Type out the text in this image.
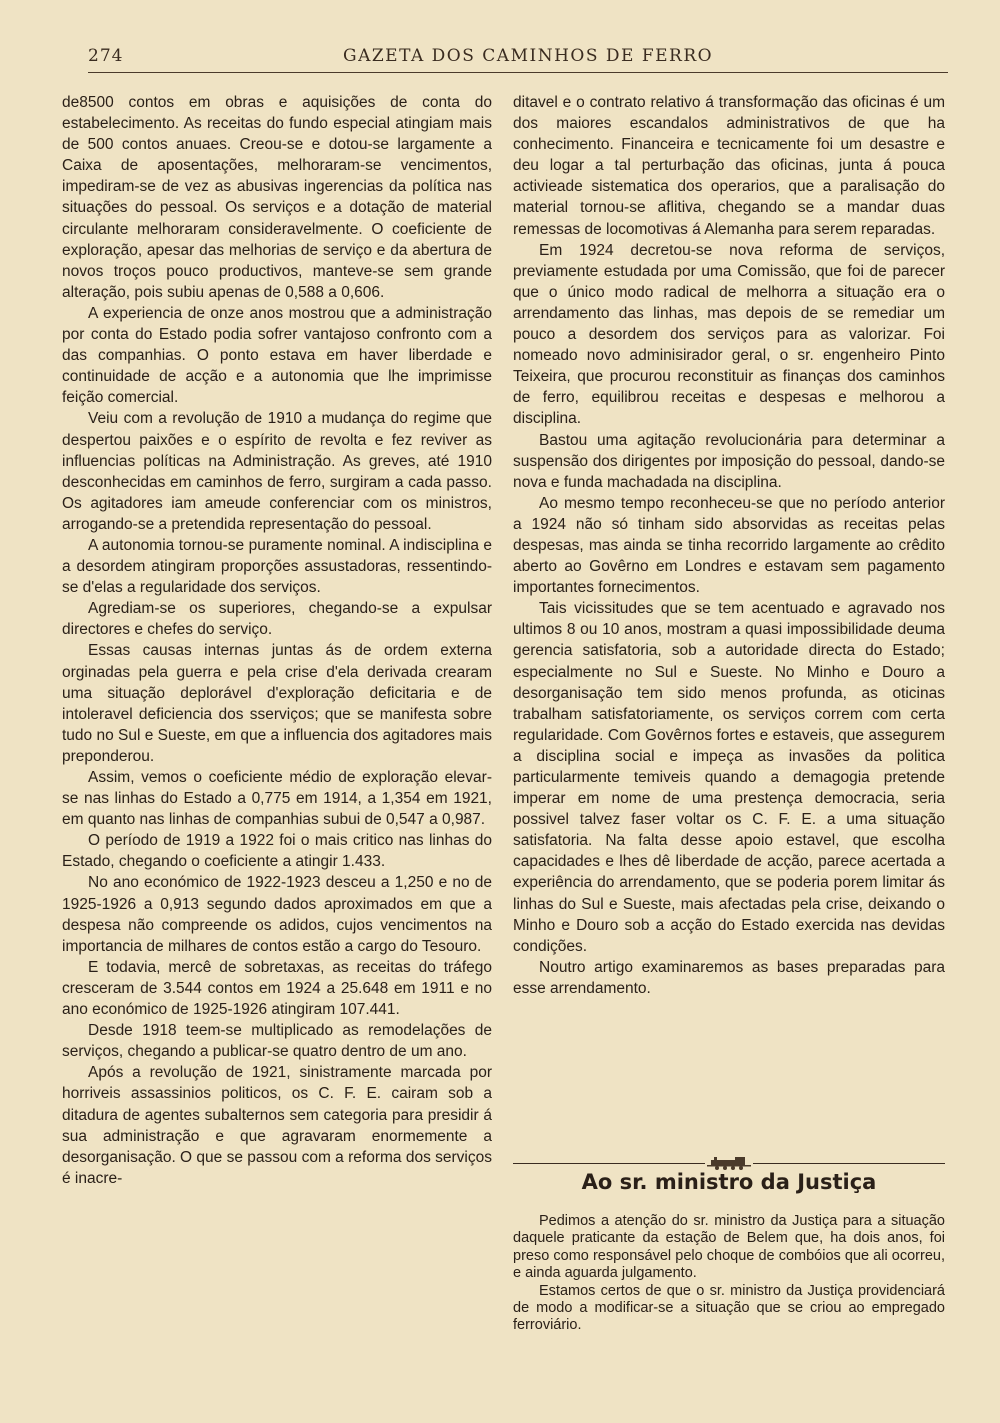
274	GAZETA DOS CAMINHOS DE FERRO

de8500 contos em obras e aquisições de conta do estabelecimento. As receitas do fundo especial atingiam mais de 500 contos anuaes. Creou-se e dotou-se largamente a Caixa de aposentações, melhoraram-se vencimentos, impediram-se de vez as abusivas ingerencias da política nas situações do pessoal. Os serviços e a dotação de material circulante melhoraram consideravelmente. O coeficiente de exploração, apesar das melhorias de serviço e da abertura de novos troços pouco productivos, manteve-se sem grande alteração, pois subiu apenas de 0,588 a 0,606.

A experiencia de onze anos mostrou que a administração por conta do Estado podia sofrer vantajoso confronto com a das companhias. O ponto estava em haver liberdade e continuidade de acção e a autonomia que lhe imprimisse feição comercial.

Veiu com a revolução de 1910 a mudança do regime que despertou paixões e o espírito de revolta e fez reviver as influencias políticas na Administração. As greves, até 1910 desconhecidas em caminhos de ferro, surgiram a cada passo. Os agitadores iam ameude conferenciar com os ministros, arrogando-se a pretendida representação do pessoal.

A autonomia tornou-se puramente nominal. A indisciplina e a desordem atingiram proporções assustadoras, ressentindo-se d'elas a regularidade dos serviços.

Agrediam-se os superiores, chegando-se a expulsar directores e chefes do serviço.

Essas causas internas juntas ás de ordem externa orginadas pela guerra e pela crise d'ela derivada crearam uma situação deplorável d'exploração deficitaria e de intoleravel deficiencia dos sserviços; que se manifesta sobre tudo no Sul e Sueste, em que a influencia dos agitadores mais preponderou.

Assim, vemos o coeficiente médio de exploração elevar-se nas linhas do Estado a 0,775 em 1914, a 1,354 em 1921, em quanto nas linhas de companhias subui de 0,547 a 0,987.

O período de 1919 a 1922 foi o mais critico nas linhas do Estado, chegando o coeficiente a atingir 1.433.

No ano económico de 1922-1923 desceu a 1,250 e no de 1925-1926 a 0,913 segundo dados aproximados em que a despesa não compreende os adidos, cujos vencimentos na importancia de milhares de contos estão a cargo do Tesouro.

E todavia, mercê de sobretaxas, as receitas do tráfego cresceram de 3.544 contos em 1924 a 25.648 em 1911 e no ano económico de 1925-1926 atingiram 107.441.

Desde 1918 teem-se multiplicado as remodelações de serviços, chegando a publicar-se quatro dentro de um ano.

Após a revolução de 1921, sinistramente marcada por horriveis assassinios politicos, os C. F. E. cairam sob a ditadura de agentes subalternos sem categoria para presidir á sua administração e que agravaram enormemente a desorganisação. O que se passou com a reforma dos serviços é inacre-

ditavel e o contrato relativo á transformação das oficinas é um dos maiores escandalos administrativos de que ha conhecimento. Financeira e tecnicamente foi um desastre e deu logar a tal perturbação das oficinas, junta á pouca activieade sistematica dos operarios, que a paralisação do material tornou-se aflitiva, chegando se a mandar duas remessas de locomotivas á Alemanha para serem reparadas.

Em 1924 decretou-se nova reforma de serviços, previamente estudada por uma Comissão, que foi de parecer que o único modo radical de melhorra a situação era o arrendamento das linhas, mas depois de se remediar um pouco a desordem dos serviços para as valorizar. Foi nomeado novo adminisirador geral, o sr. engenheiro Pinto Teixeira, que procurou reconstituir as finanças dos caminhos de ferro, equilibrou receitas e despesas e melhorou a disciplina.

Bastou uma agitação revolucionária para determinar a suspensão dos dirigentes por imposição do pessoal, dando-se nova e funda machadada na disciplina.

Ao mesmo tempo reconheceu-se que no período anterior a 1924 não só tinham sido absorvidas as receitas pelas despesas, mas ainda se tinha recorrido largamente ao crêdito aberto ao Govêrno em Londres e estavam sem pagamento importantes fornecimentos.

Tais vicissitudes que se tem acentuado e agravado nos ultimos 8 ou 10 anos, mostram a quasi impossibilidade deuma gerencia satisfatoria, sob a autoridade directa do Estado; especialmente no Sul e Sueste. No Minho e Douro a desorganisação tem sido menos profunda, as oticinas trabalham satisfatoriamente, os serviços correm com certa regularidade. Com Govêrnos fortes e estaveis, que assegurem a disciplina social e impeça as invasões da politica particularmente temiveis quando a demagogia pretende imperar em nome de uma prestença democracia, seria possivel talvez faser voltar os C. F. E. a uma situação satisfatoria. Na falta desse apoio estavel, que escolha capacidades e lhes dê liberdade de acção, parece acertada a experiência do arrendamento, que se poderia porem limitar ás linhas do Sul e Sueste, mais afectadas pela crise, deixando o Minho e Douro sob a acção do Estado exercida nas devidas condições.

Noutro artigo examinaremos as bases preparadas para esse arrendamento.

Ao sr. ministro da Justiça

Pedimos a atenção do sr. ministro da Justiça para a situação daquele praticante da estação de Belem que, ha dois anos, foi preso como responsável pelo choque de combóios que ali ocorreu, e ainda aguarda julgamento.

Estamos certos de que o sr. ministro da Justiça providenciará de modo a modificar-se a situação que se criou ao empregado ferroviário.
